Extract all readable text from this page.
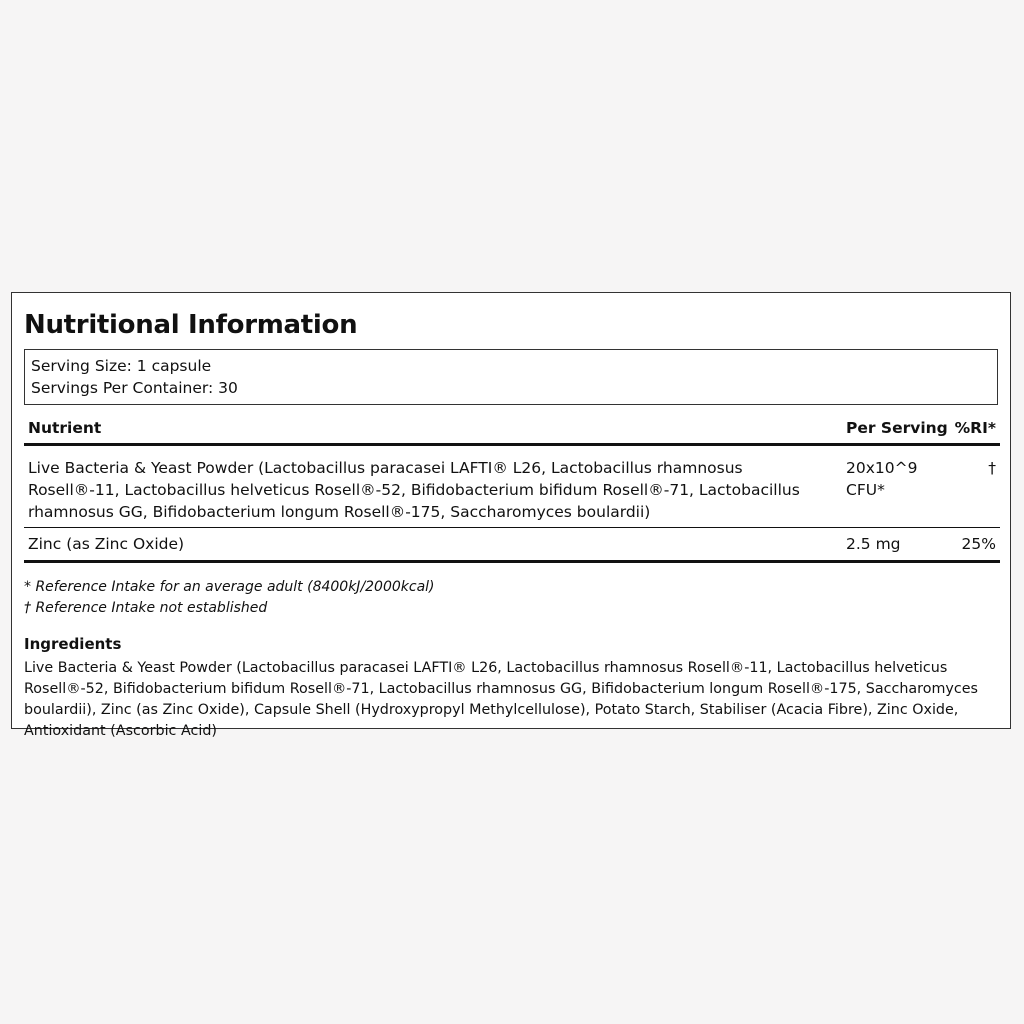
Nutritional Information
Serving Size: 1 capsule
Servings Per Container: 30
Nutrient	Per Serving	%RI*
Live Bacteria & Yeast Powder (Lactobacillus paracasei LAFTI® L26, Lactobacillus rhamnosus Rosell®-11, Lactobacillus helveticus Rosell®-52, Bifidobacterium bifidum Rosell®-71, Lactobacillus rhamnosus GG, Bifidobacterium longum Rosell®-175, Saccharomyces boulardii)	20x10^9 CFU*	†
Zinc (as Zinc Oxide)	2.5 mg	25%
* Reference Intake for an average adult (8400kJ/2000kcal)
† Reference Intake not established
Ingredients
Live Bacteria & Yeast Powder (Lactobacillus paracasei LAFTI® L26, Lactobacillus rhamnosus Rosell®-11, Lactobacillus helveticus Rosell®-52, Bifidobacterium bifidum Rosell®-71, Lactobacillus rhamnosus GG, Bifidobacterium longum Rosell®-175, Saccharomyces boulardii), Zinc (as Zinc Oxide), Capsule Shell (Hydroxypropyl Methylcellulose), Potato Starch, Stabiliser (Acacia Fibre), Zinc Oxide, Antioxidant (Ascorbic Acid)
